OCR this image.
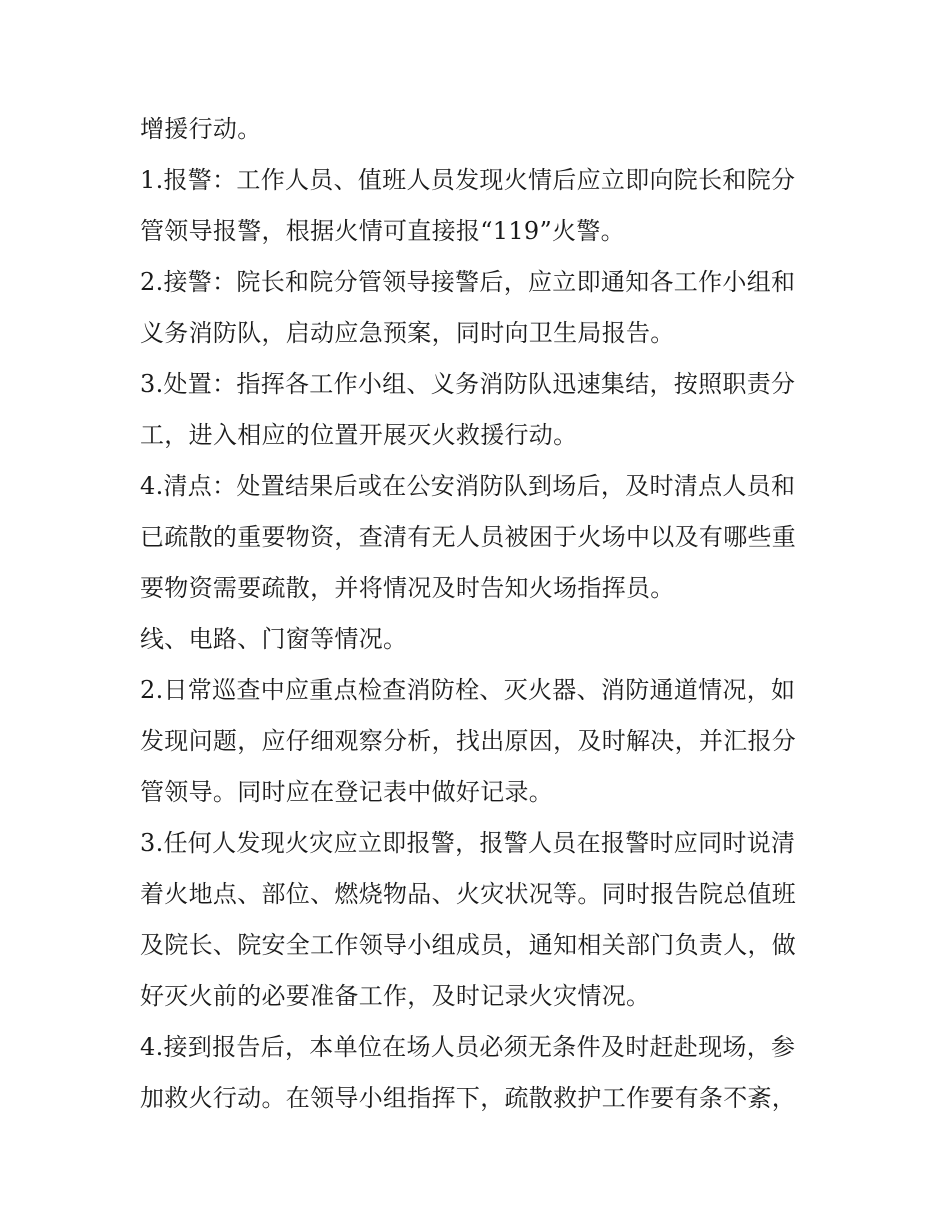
增援行动。
1.报警：工作人员、值班人员发现火情后应立即向院长和院分
管领导报警，根据火情可直接报“119”火警。
2.接警：院长和院分管领导接警后，应立即通知各工作小组和
义务消防队，启动应急预案，同时向卫生局报告。
3.处置：指挥各工作小组、义务消防队迅速集结，按照职责分
工，进入相应的位置开展灭火救援行动。
4.清点：处置结果后或在公安消防队到场后，及时清点人员和
已疏散的重要物资，查清有无人员被困于火场中以及有哪些重
要物资需要疏散，并将情况及时告知火场指挥员。
线、电路、门窗等情况。
2.日常巡查中应重点检查消防栓、灭火器、消防通道情况，如
发现问题，应仔细观察分析，找出原因，及时解决，并汇报分
管领导。同时应在登记表中做好记录。
3.任何人发现火灾应立即报警，报警人员在报警时应同时说清
着火地点、部位、燃烧物品、火灾状况等。同时报告院总值班
及院长、院安全工作领导小组成员，通知相关部门负责人，做
好灭火前的必要准备工作，及时记录火灾情况。
4.接到报告后，本单位在场人员必须无条件及时赶赴现场，参
加救火行动。在领导小组指挥下，疏散救护工作要有条不紊，
